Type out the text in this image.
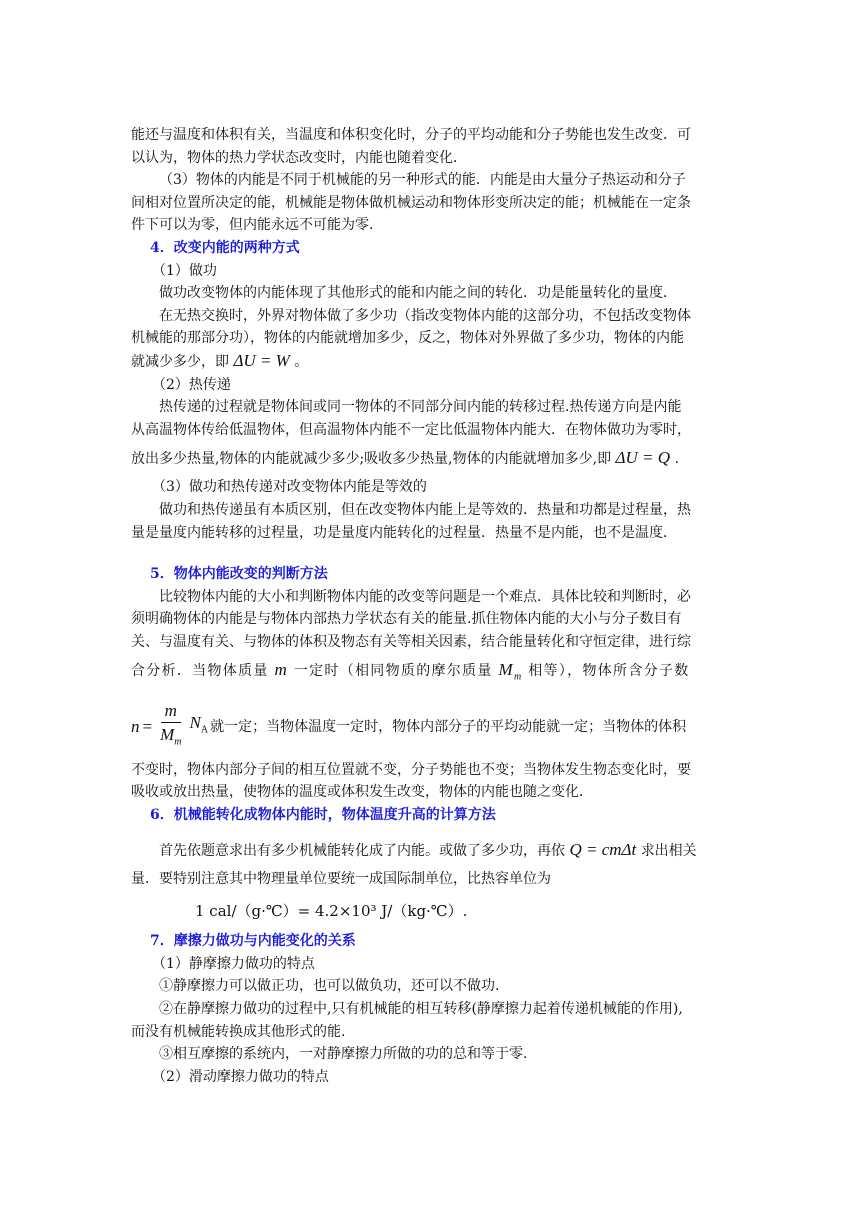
能还与温度和体积有关，当温度和体积变化时，分子的平均动能和分子势能也发生改变．可
以认为，物体的热力学状态改变时，内能也随着变化．
（3）物体的内能是不同于机械能的另一种形式的能．内能是由大量分子热运动和分子
间相对位置所决定的能，机械能是物体做机械运动和物体形变所决定的能；机械能在一定条
件下可以为零，但内能永远不可能为零．
4．改变内能的两种方式
（1）做功
做功改变物体的内能体现了其他形式的能和内能之间的转化．功是能量转化的量度．
在无热交换时，外界对物体做了多少功（指改变物体内能的这部分功，不包括改变物体
机械能的那部分功），物体的内能就增加多少，反之，物体对外界做了多少功，物体的内能
就减少多少，即 ΔU = W 。
（2）热传递
热传递的过程就是物体间或同一物体的不同部分间内能的转移过程.热传递方向是内能
从高温物体传给低温物体，但高温物体内能不一定比低温物体内能大．在物体做功为零时，
放出多少热量,物体的内能就减少多少;吸收多少热量,物体的内能就增加多少,即 ΔU = Q .
（3）做功和热传递对改变物体内能是等效的
做功和热传递虽有本质区别，但在改变物体内能上是等效的．热量和功都是过程量，热
量是量度内能转移的过程量，功是量度内能转化的过程量．热量不是内能，也不是温度．
5．物体内能改变的判断方法
比较物体内能的大小和判断物体内能的改变等问题是一个难点．具体比较和判断时，必
须明确物体的内能是与物体内部热力学状态有关的能量.抓住物体内能的大小与分子数目有
关、与温度有关、与物体的体积及物态有关等相关因素，结合能量转化和守恒定律，进行综
合分析．当物体质量 m 一定时（相同物质的摩尔质量 $M_m$ 相等），物体所含分子数
$n = \frac{m}{M_m} N_A$ 就一定；当物体温度一定时，物体内部分子的平均动能就一定；当物体的体积
不变时，物体内部分子间的相互位置就不变，分子势能也不变；当物体发生物态变化时，要
吸收或放出热量，使物体的温度或体积发生改变，物体的内能也随之变化．
6．机械能转化成物体内能时，物体温度升高的计算方法
首先依题意求出有多少机械能转化成了内能。或做了多少功，再依 Q = cmΔt 求出相关
量．要特别注意其中物理量单位要统一成国际制单位，比热容单位为
1 cal/（g·℃）= 4.2×10³ J/（kg·℃）.
7．摩擦力做功与内能变化的关系
（1）静摩擦力做功的特点
①静摩擦力可以做正功，也可以做负功，还可以不做功.
②在静摩擦力做功的过程中,只有机械能的相互转移(静摩擦力起着传递机械能的作用),
而没有机械能转换成其他形式的能.
③相互摩擦的系统内，一对静摩擦力所做的功的总和等于零.
（2）滑动摩擦力做功的特点
